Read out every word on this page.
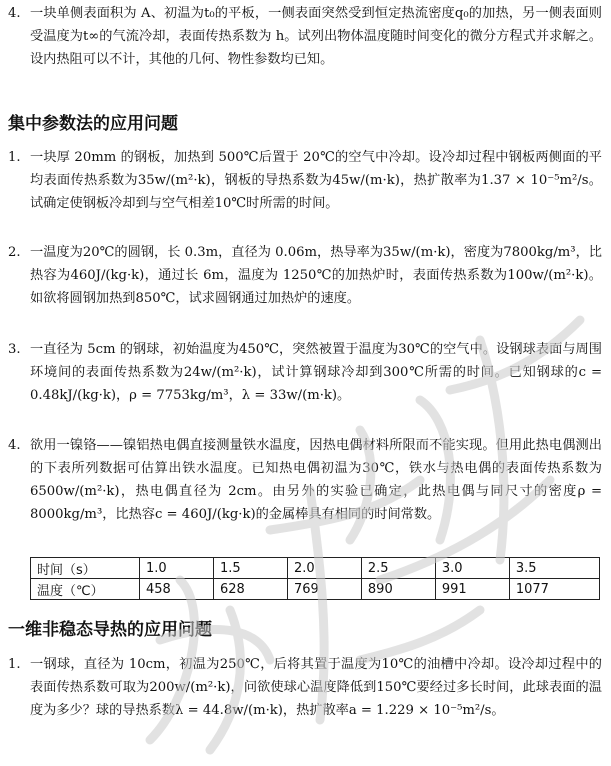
4. 一块单侧表面积为 A、初温为t₀的平板，一侧表面突然受到恒定热流密度q₀的加热，另一侧表面则受温度为t∞的气流冷却，表面传热系数为 h。试列出物体温度随时间变化的微分方程式并求解之。设内热阻可以不计，其他的几何、物性参数均已知。
集中参数法的应用问题
1. 一块厚 20mm 的钢板，加热到 500℃后置于 20℃的空气中冷却。设冷却过程中钢板两侧面的平均表面传热系数为35w/(m²·k)，钢板的导热系数为45w/(m·k)，热扩散率为1.37 × 10⁻⁵m²/s。试确定使钢板冷却到与空气相差10℃时所需的时间。
2. 一温度为20℃的圆钢，长 0.3m，直径为 0.06m，热导率为35w/(m·k)，密度为7800kg/m³，比热容为460J/(kg·k)，通过长 6m，温度为 1250℃的加热炉时，表面传热系数为100w/(m²·k)。如欲将圆钢加热到850℃，试求圆钢通过加热炉的速度。
3. 一直径为 5cm 的钢球，初始温度为450℃，突然被置于温度为30℃的空气中。设钢球表面与周围环境间的表面传热系数为24w/(m²·k)，试计算钢球冷却到300℃所需的时间。已知钢球的c = 0.48kJ/(kg·k)，ρ = 7753kg/m³，λ = 33w/(m·k)。
4. 欲用一镍铬——镍铝热电偶直接测量铁水温度，因热电偶材料所限而不能实现。但用此热电偶测出的下表所列数据可估算出铁水温度。已知热电偶初温为30℃，铁水与热电偶的表面传热系数为6500w/(m²·k)，热电偶直径为 2cm。由另外的实验已确定，此热电偶与同尺寸的密度ρ = 8000kg/m³，比热容c = 460J/(kg·k)的金属棒具有相同的时间常数。
时间（s）	1.0	1.5	2.0	2.5	3.0	3.5
温度（℃）	458	628	769	890	991	1077
一维非稳态导热的应用问题
1. 一钢球，直径为 10cm，初温为250℃，后将其置于温度为10℃的油槽中冷却。设冷却过程中的表面传热系数可取为200w/(m²·k)，问欲使球心温度降低到150℃要经过多长时间，此球表面的温度为多少？球的导热系数λ = 44.8w/(m·k)，热扩散率a = 1.229 × 10⁻⁵m²/s。
